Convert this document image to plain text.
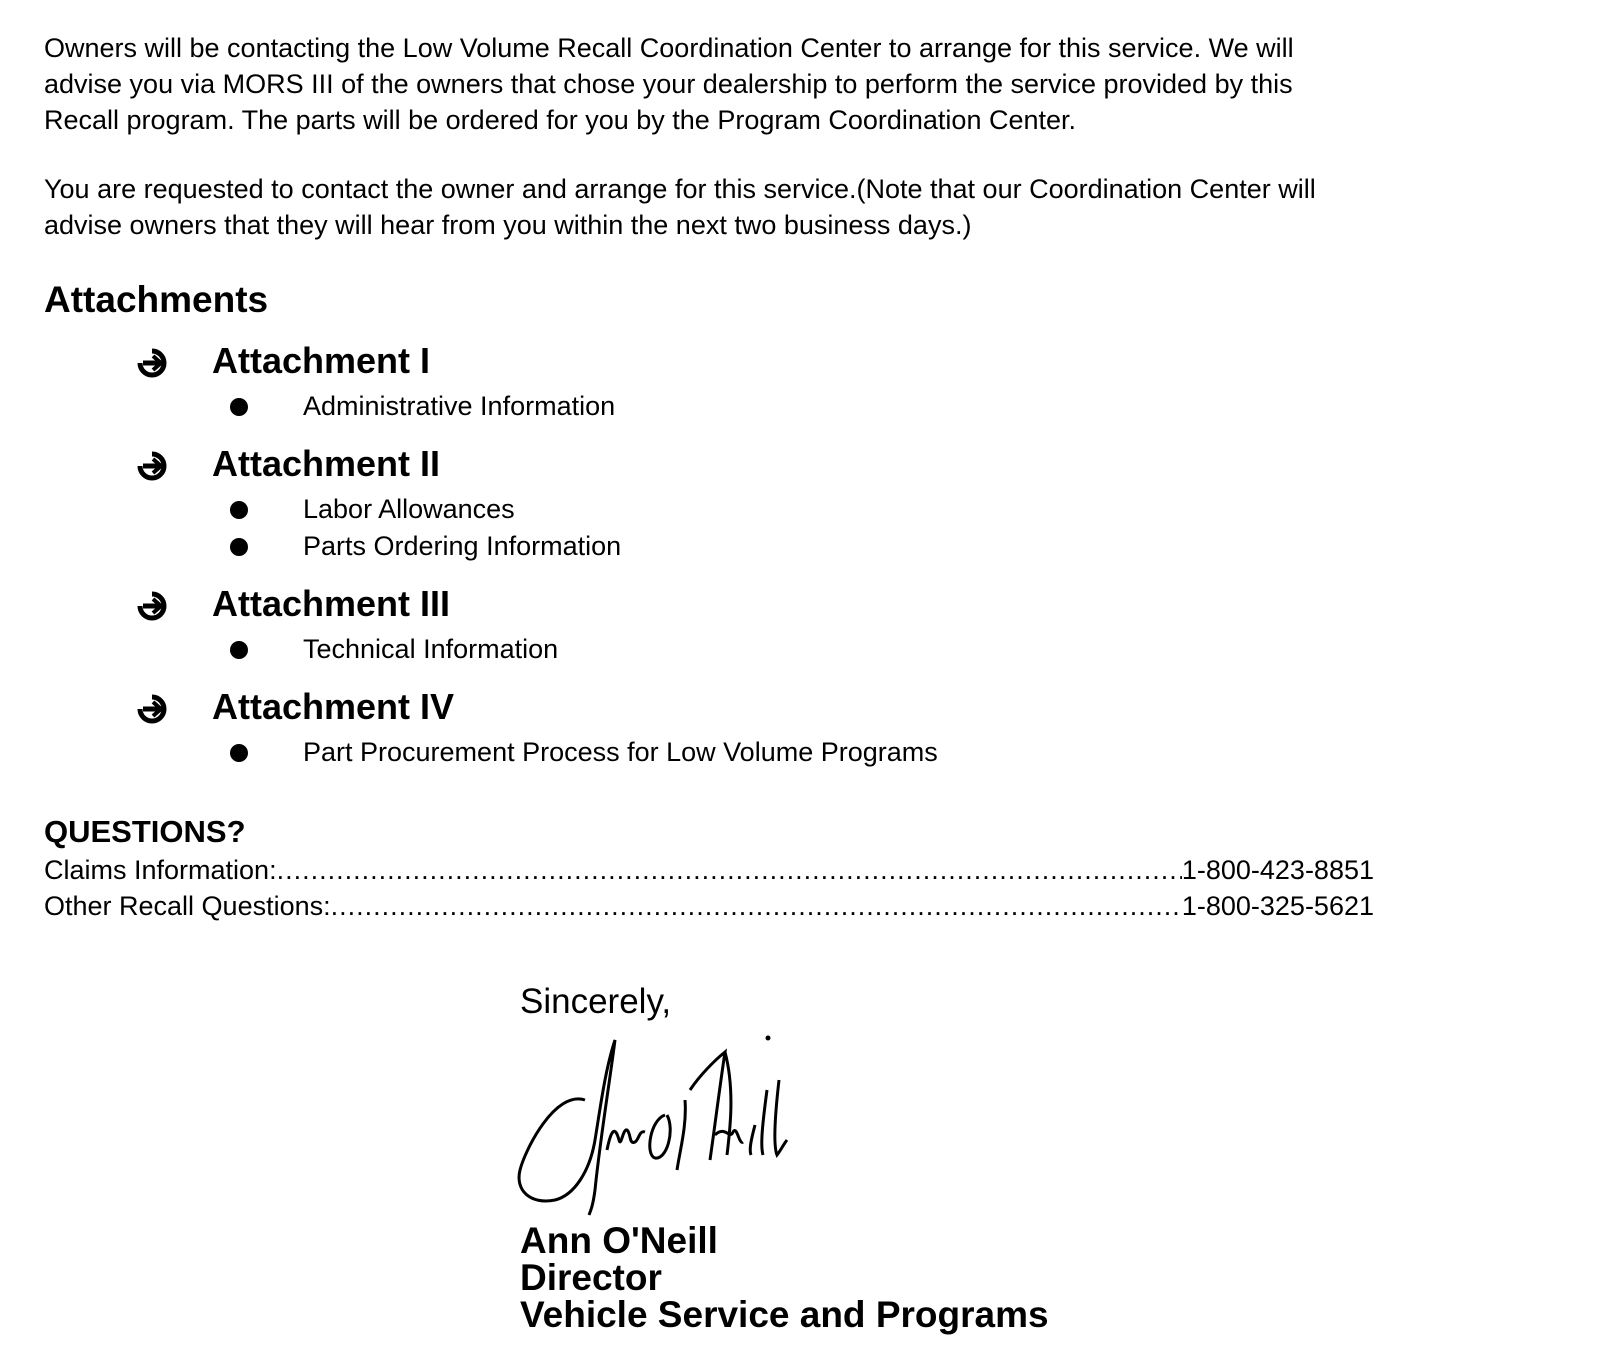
Owners will be contacting the Low Volume Recall Coordination Center to arrange for this service. We will
advise you via MORS III of the owners that chose your dealership to perform the service provided by this
Recall program. The parts will be ordered for you by the Program Coordination Center.

You are requested to contact the owner and arrange for this service.(Note that our Coordination Center will
advise owners that they will hear from you within the next two business days.)

Attachments
Attachment I
Administrative Information
Attachment II
Labor Allowances
Parts Ordering Information
Attachment III
Technical Information
Attachment IV
Part Procurement Process for Low Volume Programs
QUESTIONS?
Claims Information: .....	1-800-423-8851
Other Recall Questions: .....	1-800-325-5621

Sincerely,

Ann O'Neill
Director
Vehicle Service and Programs
